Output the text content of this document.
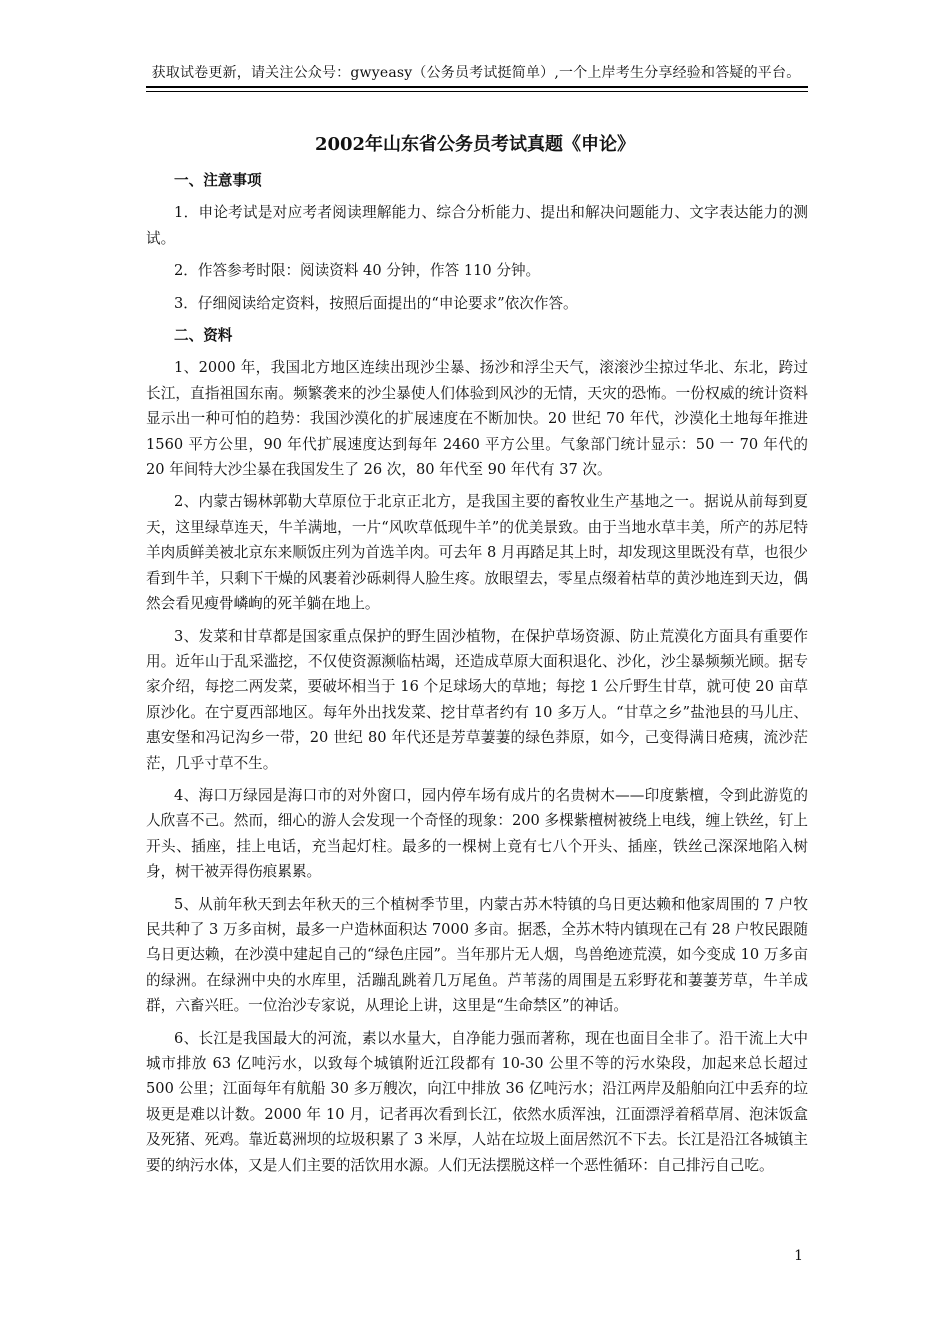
获取试卷更新，请关注公众号：gwyeasy（公务员考试挺简单）,一个上岸考生分享经验和答疑的平台。
2002年山东省公务员考试真题《申论》

一、注意事项

1．申论考试是对应考者阅读理解能力、综合分析能力、提出和解决问题能力、文字表达能力的测试。

2．作答参考时限：阅读资料 40 分钟，作答 110 分钟。

3．仔细阅读给定资料，按照后面提出的“申论要求”依次作答。

二、资料

1、2000 年，我国北方地区连续出现沙尘暴、扬沙和浮尘天气，滚滚沙尘掠过华北、东北，跨过长江，直指祖国东南。频繁袭来的沙尘暴使人们体验到风沙的无情，天灾的恐怖。一份权威的统计资料显示出一种可怕的趋势：我国沙漠化的扩展速度在不断加快。20 世纪 70 年代，沙漠化土地每年推进 1560 平方公里，90 年代扩展速度达到每年 2460 平方公里。气象部门统计显示：50 一 70 年代的 20 年间特大沙尘暴在我国发生了 26 次，80 年代至 90 年代有 37 次。

2、内蒙古锡林郭勒大草原位于北京正北方，是我国主要的畜牧业生产基地之一。据说从前每到夏天，这里绿草连天，牛羊满地，一片“风吹草低现牛羊”的优美景致。由于当地水草丰美，所产的苏尼特羊肉质鲜美被北京东来顺饭庄列为首选羊肉。可去年 8 月再踏足其上时，却发现这里既没有草，也很少看到牛羊，只剩下干燥的风裹着沙砾刺得人脸生疼。放眼望去，零星点缀着枯草的黄沙地连到天边，偶然会看见瘦骨嶙峋的死羊躺在地上。

3、发菜和甘草都是国家重点保护的野生固沙植物，在保护草场资源、防止荒漠化方面具有重要作用。近年山于乱采滥挖，不仅使资源濒临枯竭，还造成草原大面积退化、沙化，沙尘暴频频光顾。据专家介绍，每挖二两发菜，要破坏相当于 16 个足球场大的草地；每挖 1 公斤野生甘草，就可使 20 亩草原沙化。在宁夏西部地区。每年外出找发菜、挖甘草者约有 10 多万人。“甘草之乡”盐池县的马儿庄、惠安堡和冯记沟乡一带，20 世纪 80 年代还是芳草萋萋的绿色莽原，如今，己变得满日疮痍，流沙茫茫，几乎寸草不生。

4、海口万绿园是海口市的对外窗口，园内停车场有成片的名贵树木——印度紫檀，令到此游览的人欣喜不己。然而，细心的游人会发现一个奇怪的现象：200 多棵紫檀树被绕上电线，缠上铁丝，钉上开头、插座，挂上电话，充当起灯柱。最多的一棵树上竟有七八个开头、插座，铁丝己深深地陷入树身，树干被弄得伤痕累累。

5、从前年秋天到去年秋天的三个植树季节里，内蒙古苏木特镇的乌日更达赖和他家周围的 7 户牧民共种了 3 万多亩树，最多一户造林面积达 7000 多亩。据悉，全苏木特内镇现在己有 28 户牧民跟随乌日更达赖，在沙漠中建起自己的“绿色庄园”。当年那片无人烟，鸟兽绝迹荒漠，如今变成 10 万多亩的绿洲。在绿洲中央的水库里，活蹦乱跳着几万尾鱼。芦苇荡的周围是五彩野花和萋萋芳草，牛羊成群，六畜兴旺。一位治沙专家说，从理论上讲，这里是“生命禁区”的神话。

6、长江是我国最大的河流，素以水量大，自净能力强而著称，现在也面目全非了。沿干流上大中城市排放 63 亿吨污水，以致每个城镇附近江段都有 10-30 公里不等的污水染段，加起来总长超过 500 公里；江面每年有航船 30 多万艘次，向江中排放 36 亿吨污水；沿江两岸及船舶向江中丢弃的垃圾更是难以计数。2000 年 10 月，记者再次看到长江，依然水质浑浊，江面漂浮着稻草屑、泡沫饭盒及死猪、死鸡。靠近葛洲坝的垃圾积累了 3 米厚，人站在垃圾上面居然沉不下去。长江是沿江各城镇主要的纳污水体，又是人们主要的活饮用水源。人们无法摆脱这样一个恶性循环：自己排污自己吃。

1
